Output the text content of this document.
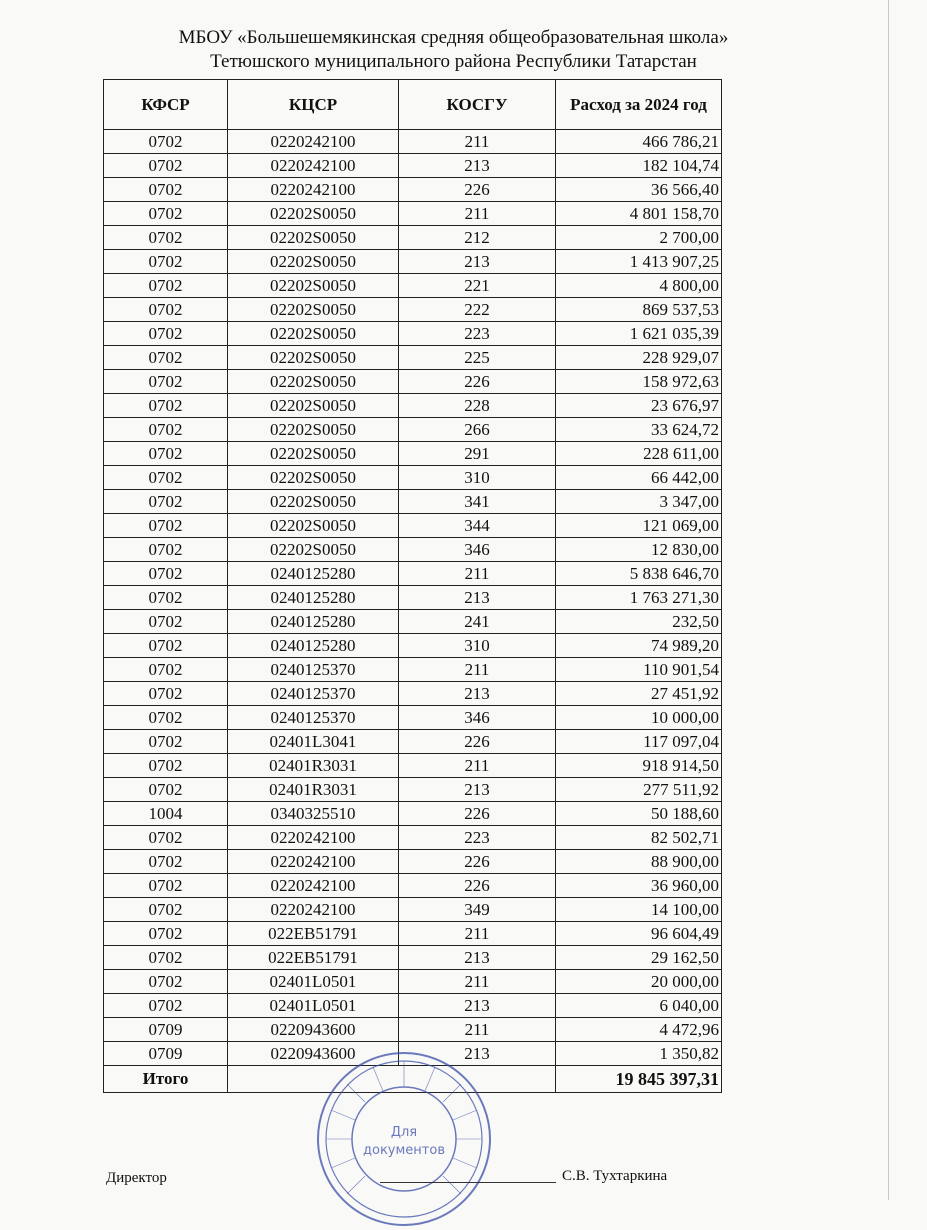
МБОУ «Большешемякинская средняя общеобразовательная школа»
Тетюшского муниципального района Республики Татарстан
КФСР	КЦСР	КОСГУ	Расход за 2024 год
0702	0220242100	211	466 786,21
0702	0220242100	213	182 104,74
0702	0220242100	226	36 566,40
0702	02202S0050	211	4 801 158,70
0702	02202S0050	212	2 700,00
0702	02202S0050	213	1 413 907,25
0702	02202S0050	221	4 800,00
0702	02202S0050	222	869 537,53
0702	02202S0050	223	1 621 035,39
0702	02202S0050	225	228 929,07
0702	02202S0050	226	158 972,63
0702	02202S0050	228	23 676,97
0702	02202S0050	266	33 624,72
0702	02202S0050	291	228 611,00
0702	02202S0050	310	66 442,00
0702	02202S0050	341	3 347,00
0702	02202S0050	344	121 069,00
0702	02202S0050	346	12 830,00
0702	0240125280	211	5 838 646,70
0702	0240125280	213	1 763 271,30
0702	0240125280	241	232,50
0702	0240125280	310	74 989,20
0702	0240125370	211	110 901,54
0702	0240125370	213	27 451,92
0702	0240125370	346	10 000,00
0702	02401L3041	226	117 097,04
0702	02401R3031	211	918 914,50
0702	02401R3031	213	277 511,92
1004	0340325510	226	50 188,60
0702	0220242100	223	82 502,71
0702	0220242100	226	88 900,00
0702	0220242100	226	36 960,00
0702	0220242100	349	14 100,00
0702	022EB51791	211	96 604,49
0702	022EB51791	213	29 162,50
0702	02401L0501	211	20 000,00
0702	02401L0501	213	6 040,00
0709	0220943600	211	4 472,96
0709	0220943600	213	1 350,82
Итого			19 845 397,31
Для
документов
Директор	С.В. Тухтаркина
